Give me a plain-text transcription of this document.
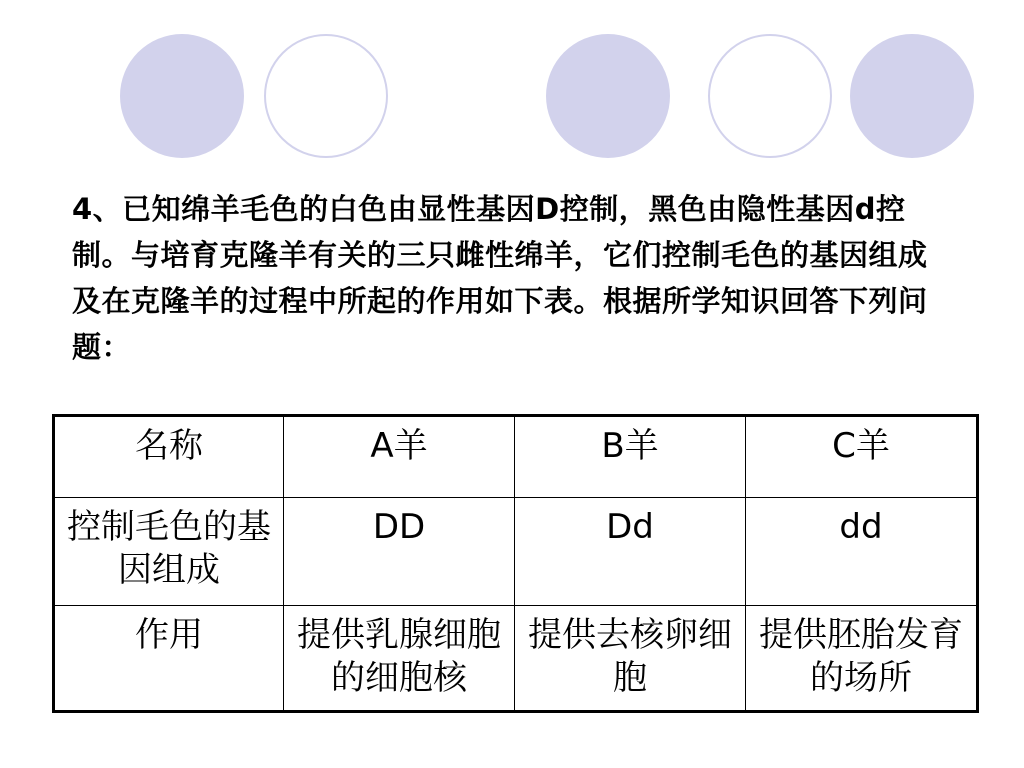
4、已知绵羊毛色的白色由显性基因D控制，黑色由隐性基因d控制。与培育克隆羊有关的三只雌性绵羊，它们控制毛色的基因组成及在克隆羊的过程中所起的作用如下表。根据所学知识回答下列问题：
名称	A羊	B羊	C羊
控制毛色的基因组成	DD	Dd	dd
作用	提供乳腺细胞的细胞核	提供去核卵细胞	提供胚胎发育的场所
